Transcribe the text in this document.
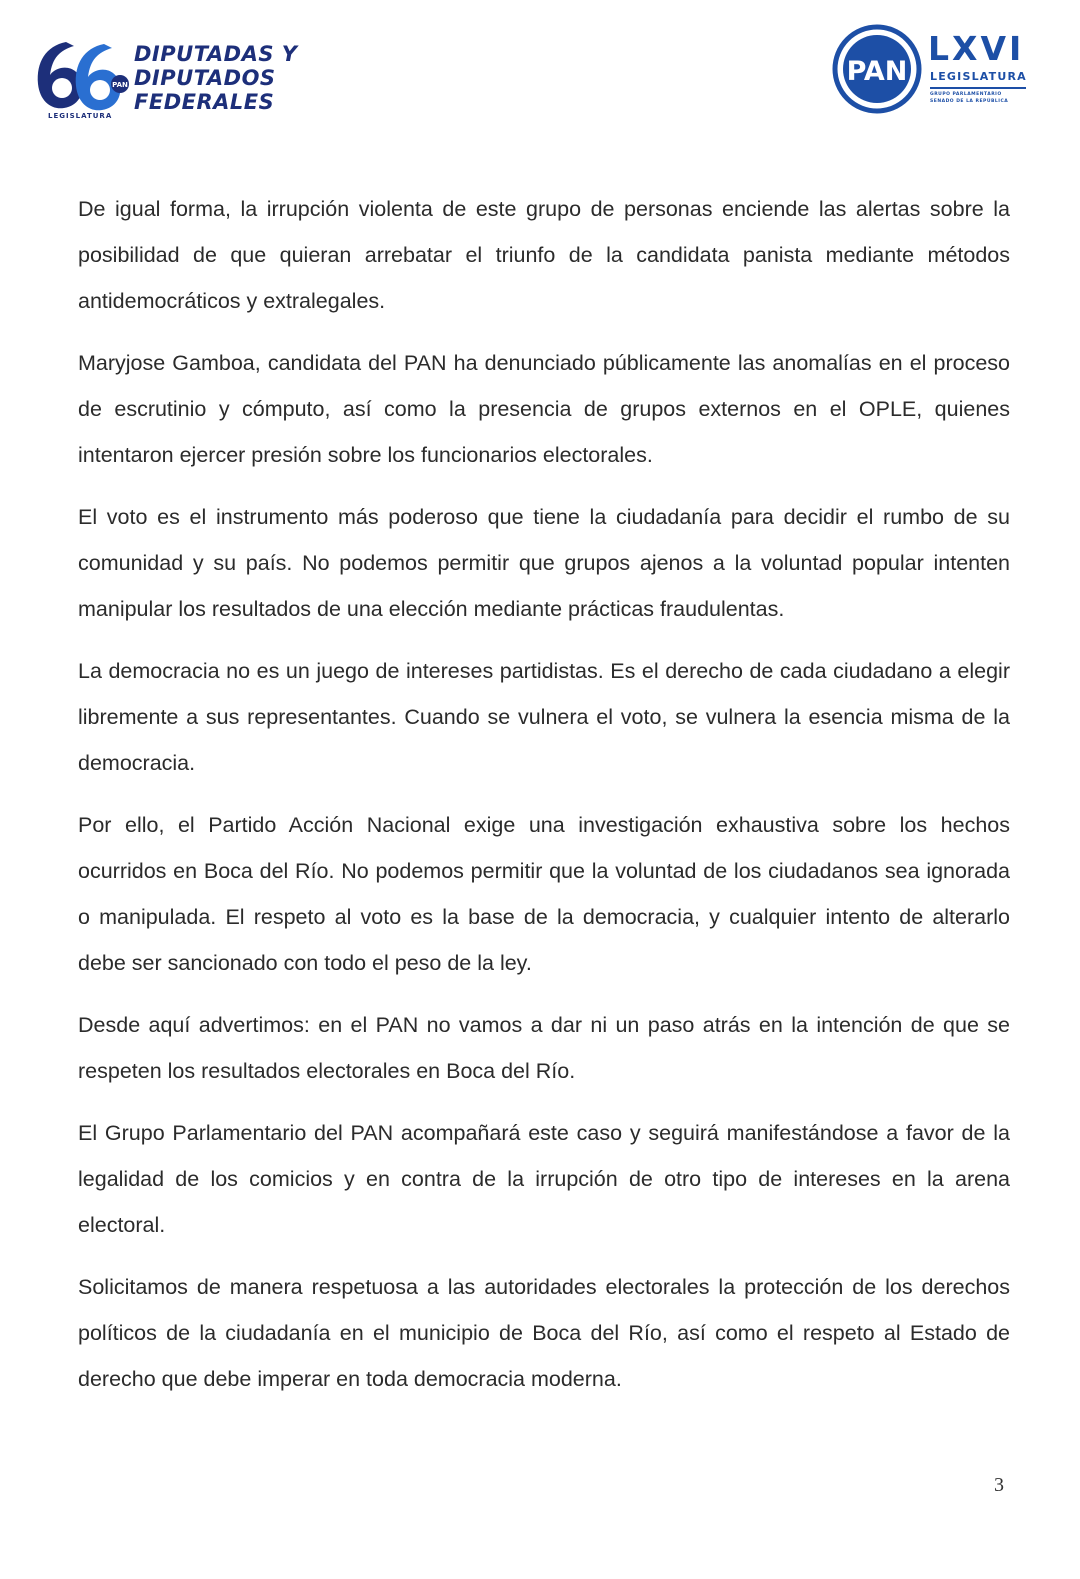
PAN
LEGISLATURA
DIPUTADAS Y
DIPUTADOS
FEDERALES
PAN
LXVI
LEGISLATURA
GRUPO PARLAMENTARIO
SENADO DE LA REPÚBLICA

De igual forma, la irrupción violenta de este grupo de personas enciende las alertas sobre la posibilidad de que quieran arrebatar el triunfo de la candidata panista mediante métodos antidemocráticos y extralegales.

Maryjose Gamboa, candidata del PAN ha denunciado públicamente las anomalías en el proceso de escrutinio y cómputo, así como la presencia de grupos externos en el OPLE, quienes intentaron ejercer presión sobre los funcionarios electorales.

El voto es el instrumento más poderoso que tiene la ciudadanía para decidir el rumbo de su comunidad y su país. No podemos permitir que grupos ajenos a la voluntad popular intenten manipular los resultados de una elección mediante prácticas fraudulentas.

La democracia no es un juego de intereses partidistas. Es el derecho de cada ciudadano a elegir libremente a sus representantes. Cuando se vulnera el voto, se vulnera la esencia misma de la democracia.

Por ello, el Partido Acción Nacional exige una investigación exhaustiva sobre los hechos ocurridos en Boca del Río. No podemos permitir que la voluntad de los ciudadanos sea ignorada o manipulada. El respeto al voto es la base de la democracia, y cualquier intento de alterarlo debe ser sancionado con todo el peso de la ley.

Desde aquí advertimos: en el PAN no vamos a dar ni un paso atrás en la intención de que se respeten los resultados electorales en Boca del Río.

El Grupo Parlamentario del PAN acompañará este caso y seguirá manifestándose a favor de la legalidad de los comicios y en contra de la irrupción de otro tipo de intereses en la arena electoral.

Solicitamos de manera respetuosa a las autoridades electorales la protección de los derechos políticos de la ciudadanía en el municipio de Boca del Río, así como el respeto al Estado de derecho que debe imperar en toda democracia moderna.

3
